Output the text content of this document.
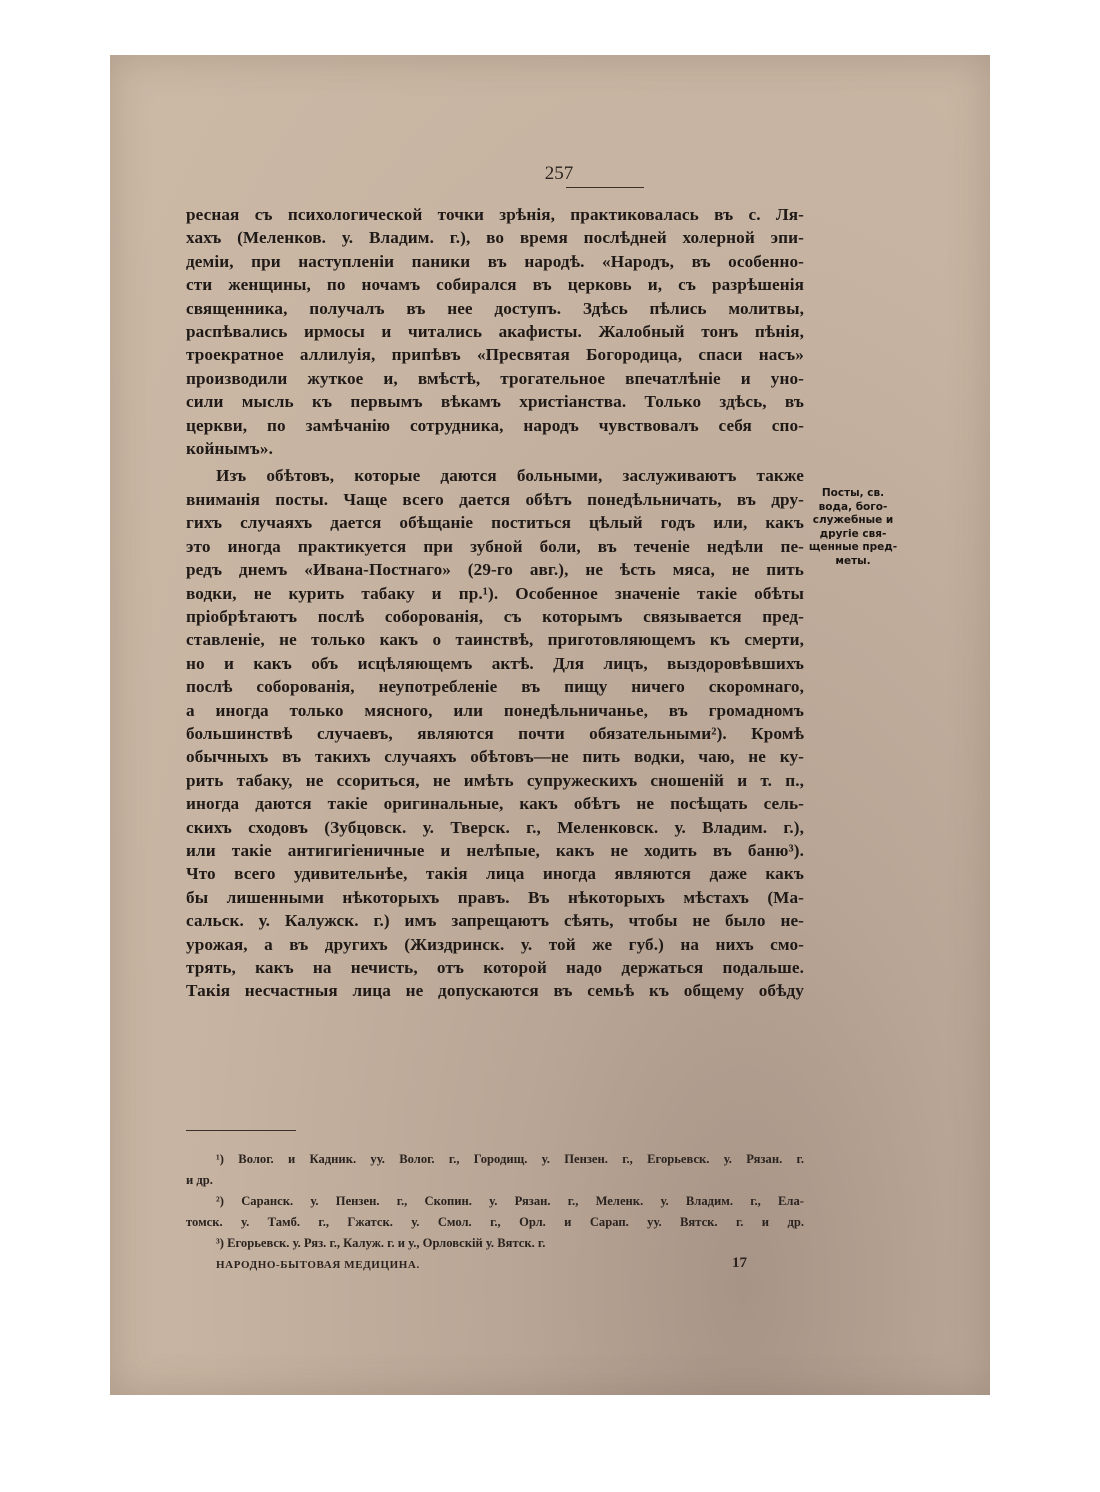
257
ресная съ психологической точки зрѣнія, практиковалась въ с. Ля-
хахъ (Меленков. у. Владим. г.), во время послѣдней холерной эпи-
деміи, при наступленіи паники въ народѣ. «Народъ, въ особенно-
сти женщины, по ночамъ собирался въ церковь и, съ разрѣшенія
священника, получалъ въ нее доступъ. Здѣсь пѣлись молитвы,
распѣвались ирмосы и читались акафисты. Жалобный тонъ пѣнія,
троекратное аллилуія, припѣвъ «Пресвятая Богородица, спаси насъ»
производили жуткое и, вмѣстѣ, трогательное впечатлѣніе и уно-
сили мысль къ первымъ вѣкамъ христіанства. Только здѣсь, въ
церкви, по замѣчанію сотрудника, народъ чувствовалъ себя спо-
койнымъ».
Изъ обѣтовъ, которые даются больными, заслуживаютъ также
вниманія посты. Чаще всего дается обѣтъ понедѣльничать, въ дру-
гихъ случаяхъ дается обѣщаніе поститься цѣлый годъ или, какъ
это иногда практикуется при зубной боли, въ теченіе недѣли пе-
редъ днемъ «Ивана-Постнаго» (29-го авг.), не ѣсть мяса, не пить
водки, не курить табаку и пр.¹). Особенное значеніе такіе обѣты
пріобрѣтаютъ послѣ соборованія, съ которымъ связывается пред-
ставленіе, не только какъ о таинствѣ, приготовляющемъ къ смерти,
но и какъ объ исцѣляющемъ актѣ. Для лицъ, выздоровѣвшихъ
послѣ соборованія, неупотребленіе въ пищу ничего скоромнаго,
а иногда только мясного, или понедѣльничанье, въ громадномъ
большинствѣ случаевъ, являются почти обязательными²). Кромѣ
обычныхъ въ такихъ случаяхъ обѣтовъ—не пить водки, чаю, не ку-
рить табаку, не ссориться, не имѣть супружескихъ сношеній и т. п.,
иногда даются такіе оригинальные, какъ обѣтъ не посѣщать сель-
скихъ сходовъ (Зубцовск. у. Тверск. г., Меленковск. у. Владим. г.),
или такіе антигигіеничные и нелѣпые, какъ не ходить въ баню³).
Что всего удивительнѣе, такія лица иногда являются даже какъ
бы лишенными нѣкоторыхъ правъ. Въ нѣкоторыхъ мѣстахъ (Ма-
сальск. у. Калужск. г.) имъ запрещаютъ сѣять, чтобы не было не-
урожая, а въ другихъ (Жиздринск. у. той же губ.) на нихъ смо-
трять, какъ на нечисть, отъ которой надо держаться подальше.
Такія несчастныя лица не допускаются въ семьѣ къ общему обѣду
Посты, св.
вода, бого-
служебные и
другіе свя-
щенные пред-
меты.
¹) Волог. и Кадник. уу. Волог. г., Городищ. у. Пензен. г., Егорьевск. у. Рязан. г.
и др.
²) Саранск. у. Пензен. г., Скопин. у. Рязан. г., Меленк. у. Владим. г., Ела-
томск. у. Тамб. г., Гжатск. у. Смол. г., Орл. и Сарап. уу. Вятск. г. и др.
³) Егорьевск. у. Ряз. г., Калуж. г. и у., Орловскій у. Вятск. г.
НАРОДНО-БЫТОВАЯ МЕДИЦИНА.	17
